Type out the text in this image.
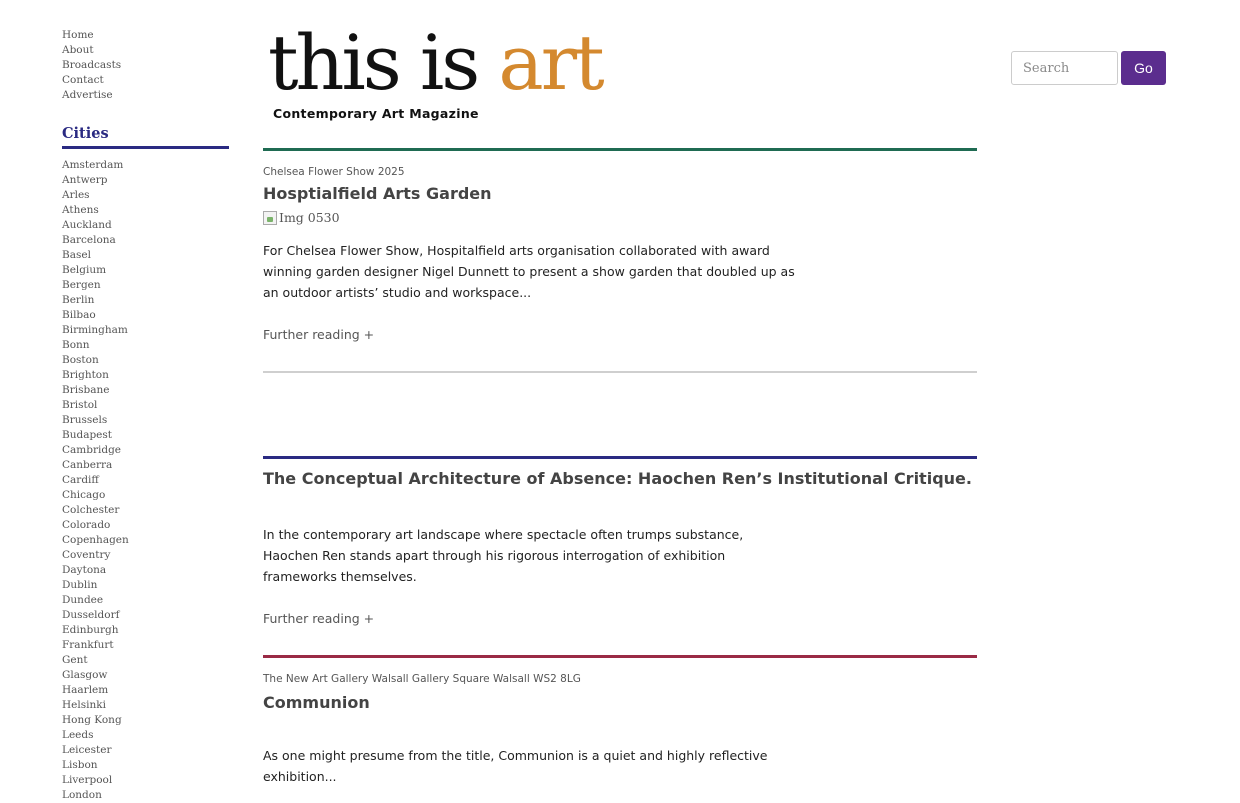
Home
About
Broadcasts
Contact
Advertise
Cities
Amsterdam
Antwerp
Arles
Athens
Auckland
Barcelona
Basel
Belgium
Bergen
Berlin
Bilbao
Birmingham
Bonn
Boston
Brighton
Brisbane
Bristol
Brussels
Budapest
Cambridge
Canberra
Cardiff
Chicago
Colchester
Colorado
Copenhagen
Coventry
Daytona
Dublin
Dundee
Dusseldorf
Edinburgh
Frankfurt
Gent
Glasgow
Haarlem
Helsinki
Hong Kong
Leeds
Leicester
Lisbon
Liverpool
London
this is art
Contemporary Art Magazine
Search
Go
Chelsea Flower Show 2025
Hosptialfield Arts Garden
Img 0530
For Chelsea Flower Show, Hospitalfield arts organisation collaborated with award winning garden designer Nigel Dunnett to present a show garden that doubled up as an outdoor artists’ studio and workspace...
Further reading +
The Conceptual Architecture of Absence: Haochen Ren’s Institutional Critique.
In the contemporary art landscape where spectacle often trumps substance, Haochen Ren stands apart through his rigorous interrogation of exhibition frameworks themselves.
Further reading +
The New Art Gallery Walsall Gallery Square Walsall WS2 8LG
Communion
As one might presume from the title, Communion is a quiet and highly reflective exhibition...
